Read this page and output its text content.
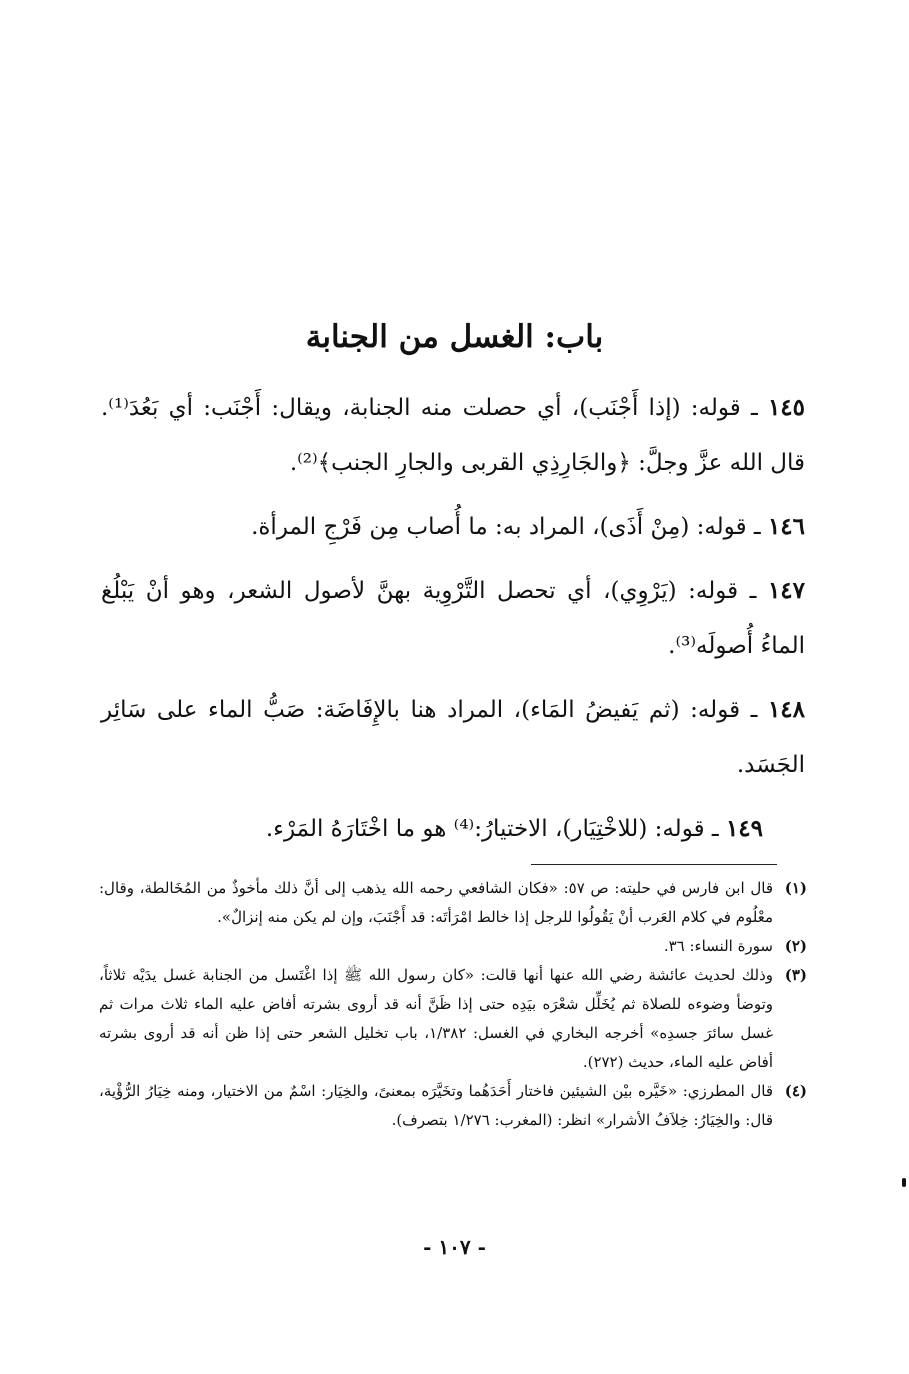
باب: الغسل من الجنابة

١٤٥ ـ قوله: (إذا أَجْنَب)، أي حصلت منه الجنابة، ويقال: أَجْنَب: أي بَعُدَ⁽¹⁾. قال الله عزَّ وجلَّ: ﴿والجَارِذِي القربى والجارِ الجنب﴾⁽²⁾.

١٤٦ ـ قوله: (مِنْ أَذَى)، المراد به: ما أُصاب مِن فَرْجِ المرأة.

١٤٧ ـ قوله: (يَرْوِي)، أي تحصل التَّرْوِية بهنَّ لأصول الشعر، وهو أنْ يَبْلُغ الماءُ أُصولَه⁽³⁾.

١٤٨ ـ قوله: (ثم يَفيضُ المَاء)، المراد هنا بالإِفَاضَة: صَبُّ الماء على سَائِر الجَسَد.

١٤٩ ـ قوله: (للاخْتِيَار)، الاختيارُ:⁽⁴⁾ هو ما اخْتَارَهُ المَرْء.

(١)
قال ابن فارس في حليته: ص ٥٧: «فكان الشافعي رحمه الله يذهب إلى أنَّ ذلك مأخوذٌ من المُخَالطة، وقال: معْلُوم في كلام العَرب أنْ يَقُولُوا للرجل إذا خالط امْرَأتَه: قد أَجْنَبَ، وإن لم يكن منه إنزالٌ».

(٢)
سورة النساء: ٣٦.

(٣)
وذلك لحديث عائشة رضي الله عنها أنها قالت: «كان رسول الله ﷺ إذا اغْتَسل من الجنابة غسل يدَيْه ثلاثاً، وتوضأ وضوءه للصلاة ثم يُخَلِّل شعْرَه بيَدِه حتى إذا ظَنَّ أنه قد أروى بشرته أفاض عليه الماء ثلاث مرات ثم غسل سائرَ جسدِه» أخرجه البخاري في الغسل: ١/٣٨٢، باب تخليل الشعر حتى إذا ظن أنه قد أروى بشرته أفاض عليه الماء، حديث (٢٧٢).

(٤)
قال المطرزي: «خَيَّره بيْن الشيئين فاختار أَحَدَهُما وتخَيَّرَه بمعنىً، والخِيَار: اسْمٌ من الاختيار، ومنه خِيَارُ الرُّؤْية، قال: والخِيَارُ: خِلاَفُ الأشرار» انظر: (المغرب: ١/٢٧٦ بتصرف).

- ١٠٧ -
